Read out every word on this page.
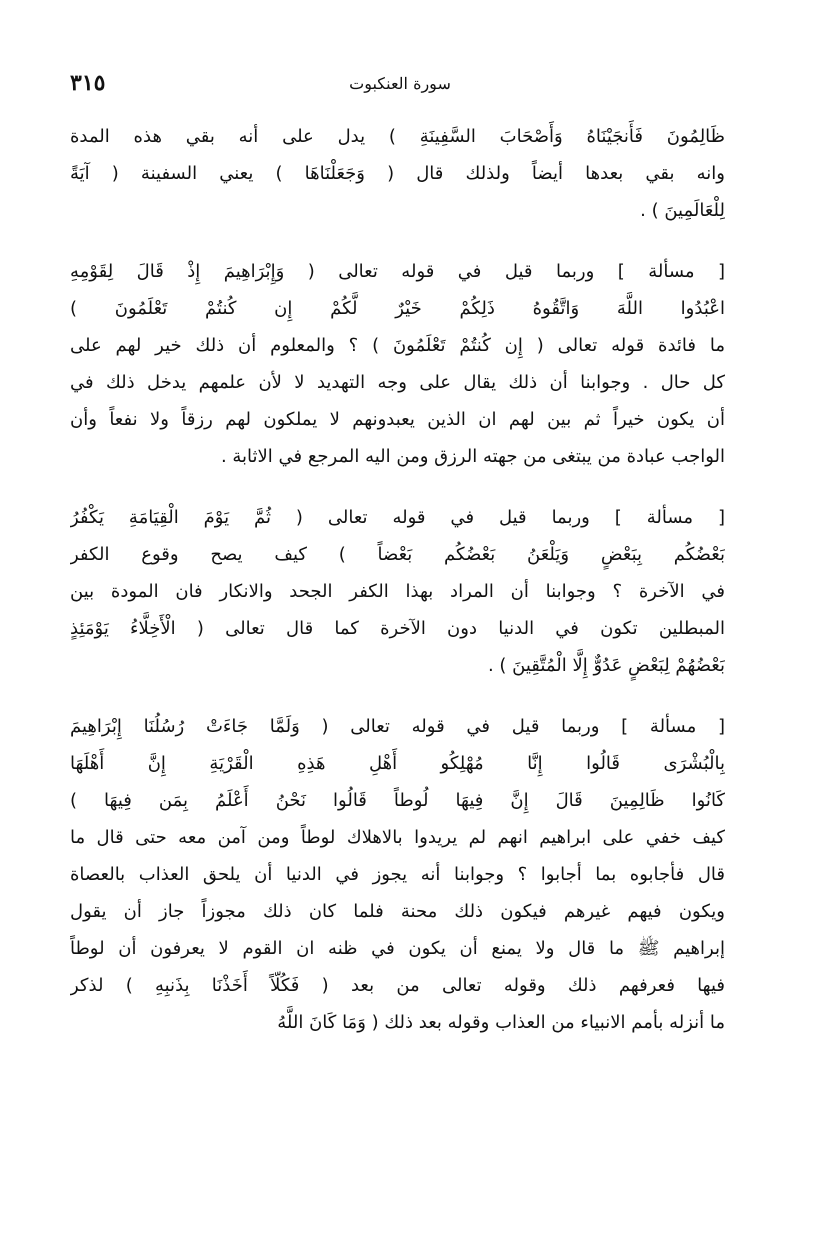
سورة العنكبوت
٣١٥
ظَالِمُونَ فَأَنجَيْنَاهُ وَأَصْحَابَ السَّفِينَةِ ) يدل على أنه بقي هذه المدة
وانه بقي بعدها أيضاً ولذلك قال ( وَجَعَلْنَاهَا ) يعني السفينة ( آيَةً
لِلْعَالَمِينَ ) .
[ مسألة ] وربما قيل في قوله تعالى ( وَإِبْرَاهِيمَ إِذْ قَالَ لِقَوْمِهِ
اعْبُدُوا اللَّهَ وَاتَّقُوهُ ذَلِكُمْ خَيْرٌ لَّكُمْ إِن كُنتُمْ تَعْلَمُونَ )
ما فائدة قوله تعالى ( إِن كُنتُمْ تَعْلَمُونَ ) ؟ والمعلوم أن ذلك خير لهم على
كل حال . وجوابنا أن ذلك يقال على وجه التهديد لا لأن علمهم يدخل ذلك في
أن يكون خيراً ثم بين لهم ان الذين يعبدونهم لا يملكون لهم رزقاً ولا نفعاً وأن
الواجب عبادة من يبتغى من جهته الرزق ومن اليه المرجع في الاثابة .
[ مسألة ] وربما قيل في قوله تعالى ( ثُمَّ يَوْمَ الْقِيَامَةِ يَكْفُرُ
بَعْضُكُم بِبَعْضٍ وَيَلْعَنُ بَعْضُكُم بَعْضاً ) كيف يصح وقوع الكفر
في الآخرة ؟ وجوابنا أن المراد بهذا الكفر الجحد والانكار فان المودة بين
المبطلين تكون في الدنيا دون الآخرة كما قال تعالى ( الْأَخِلَّاءُ يَوْمَئِذٍ
بَعْضُهُمْ لِبَعْضٍ عَدُوٌّ إِلَّا الْمُتَّقِينَ ) .
[ مسألة ] وربما قيل في قوله تعالى ( وَلَمَّا جَاءَتْ رُسُلُنَا إِبْرَاهِيمَ
بِالْبُشْرَى قَالُوا إِنَّا مُهْلِكُو أَهْلِ هَذِهِ الْقَرْيَةِ إِنَّ أَهْلَهَا
كَانُوا ظَالِمِينَ قَالَ إِنَّ فِيهَا لُوطاً قَالُوا نَحْنُ أَعْلَمُ بِمَن فِيهَا )
كيف خفي على ابراهيم انهم لم يريدوا بالاهلاك لوطاً ومن آمن معه حتى قال ما
قال فأجابوه بما أجابوا ؟ وجوابنا أنه يجوز في الدنيا أن يلحق العذاب بالعصاة
ويكون فيهم غيرهم فيكون ذلك محنة فلما كان ذلك مجوزاً جاز أن يقول
إبراهيم ﷺ ما قال ولا يمنع أن يكون في ظنه ان القوم لا يعرفون أن لوطاً
فيها فعرفهم ذلك وقوله تعالى من بعد ( فَكُلّاً أَخَذْنَا بِذَنبِهِ ) لذكر
ما أنزله بأمم الانبياء من العذاب وقوله بعد ذلك ( وَمَا كَانَ اللَّهُ
